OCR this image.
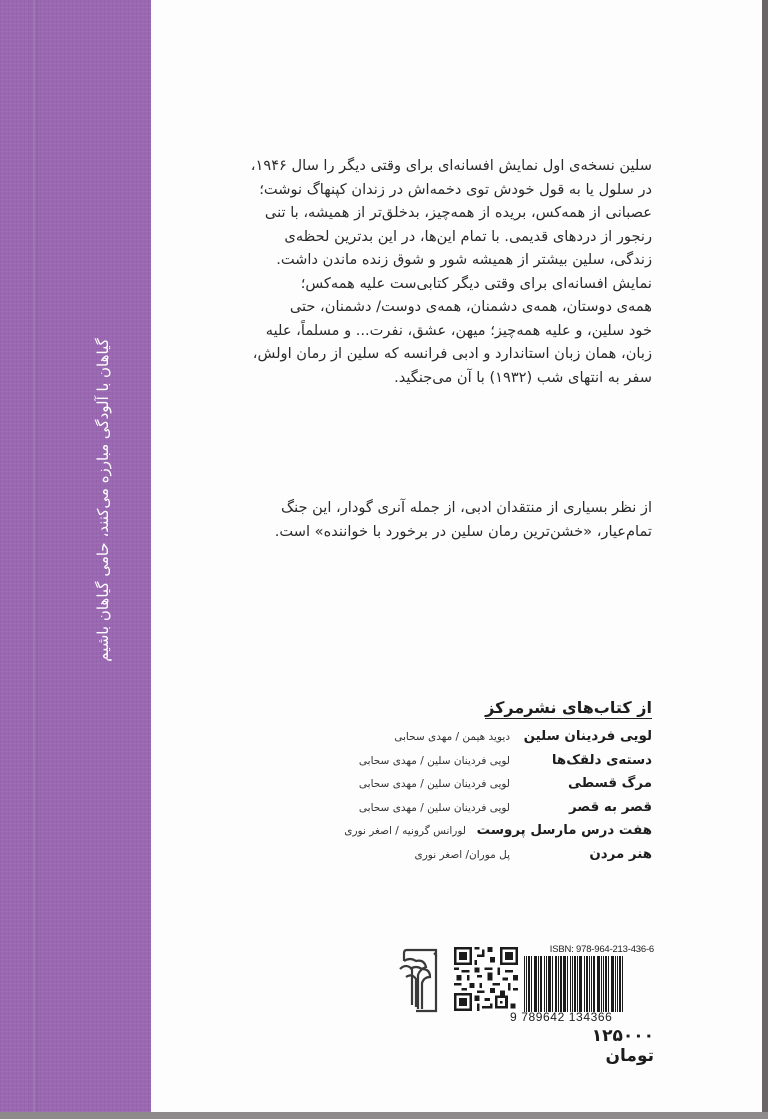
گیاهان با آلودگی مبارزه می‌کنند، حامی گیاهان باشیم

سلین نسخه‌ی اول نمایش افسانه‌ای برای وقتی دیگر را سال ۱۹۴۶،

در سلول یا به قول خودش توی دخمه‌اش در زندان کپنهاگ نوشت؛

عصبانی از همه‌کس، بریده از همه‌چیز، بدخلق‌تر از همیشه، با تنی

رنجور از دردهای قدیمی. با تمام این‌ها، در این بدترین لحظه‌ی

زندگی، سلین بیشتر از همیشه شور و شوق زنده ماندن داشت.

نمایش افسانه‌ای برای وقتی دیگر کتابی‌ست علیه همه‌کس؛

همه‌ی دوستان، همه‌ی دشمنان، همه‌ی دوست/ دشمنان، حتی

خود سلین، و علیه همه‌چیز؛ میهن، عشق، نفرت... و مسلماً، علیه

زبان، همان زبان استاندارد و ادبی فرانسه که سلین از رمان اولش،

سفر به انتهای شب (۱۹۳۲) با آن می‌جنگید.

از نظر بسیاری از منتقدان ادبی، از جمله آنری گودار، این جنگ

تمام‌عیار، «خشن‌ترین رمان سلین در برخورد با خواننده» است.

از کتاب‌های نشرمرکز
لویی فردینان سلین
دیوید هیمن / مهدی سحابی
دسته‌ی دلقک‌ها
لویی فردینان سلین / مهدی سحابی
مرگ قسطی
لویی فردینان سلین / مهدی سحابی
قصر به قصر
لویی فردینان سلین / مهدی سحابی
هفت درس مارسل پروست
لورانس گرونیه / اصغر نوری
هنر مردن
پل موران/ اصغر نوری
ISBN: 978-964-213-436-6
9 789642 134366
۱۲۵۰۰۰ تومان
